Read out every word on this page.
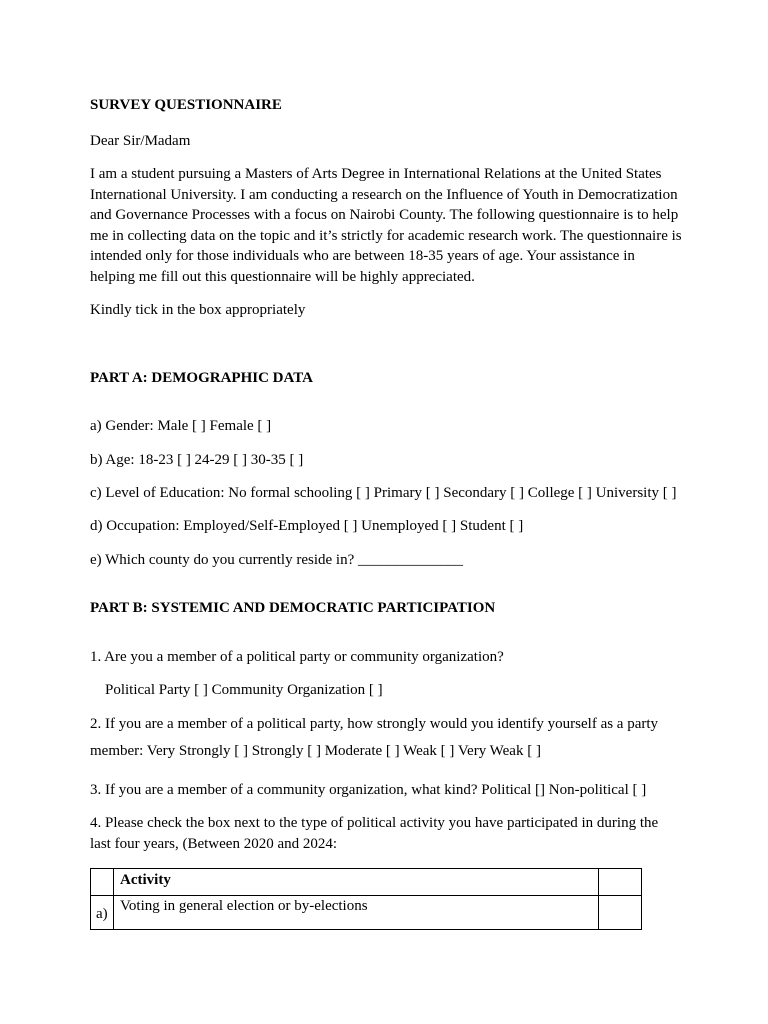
SURVEY QUESTIONNAIRE
Dear Sir/Madam
I am a student pursuing a Masters of Arts Degree in International Relations at the United States International University. I am conducting a research on the Influence of Youth in Democratization and Governance Processes with a focus on Nairobi County. The following questionnaire is to help me in collecting data on the topic and it’s strictly for academic research work. The questionnaire is intended only for those individuals who are between 18-35 years of age. Your assistance in helping me fill out this questionnaire will be highly appreciated.
Kindly tick in the box appropriately
PART A: DEMOGRAPHIC DATA
a) Gender: Male [ ] Female [ ]
b) Age: 18-23 [ ] 24-29 [ ] 30-35 [ ]
c) Level of Education: No formal schooling [ ] Primary [ ] Secondary [ ] College [ ] University [ ]
d) Occupation: Employed/Self-Employed [ ] Unemployed [ ] Student [ ]
e) Which county do you currently reside in? ______________
PART B: SYSTEMIC AND DEMOCRATIC PARTICIPATION
1. Are you a member of a political party or community organization?
Political Party [ ] Community Organization [ ]
2. If you are a member of a political party, how strongly would you identify yourself as a party
member: Very Strongly [ ] Strongly [ ] Moderate [ ] Weak [ ] Very Weak [ ]
3. If you are a member of a community organization, what kind? Political [] Non-political [ ]
4. Please check the box next to the type of political activity you have participated in during the last four years, (Between 2020 and 2024:
	Activity	
a)	Voting in general election or by-elections	
